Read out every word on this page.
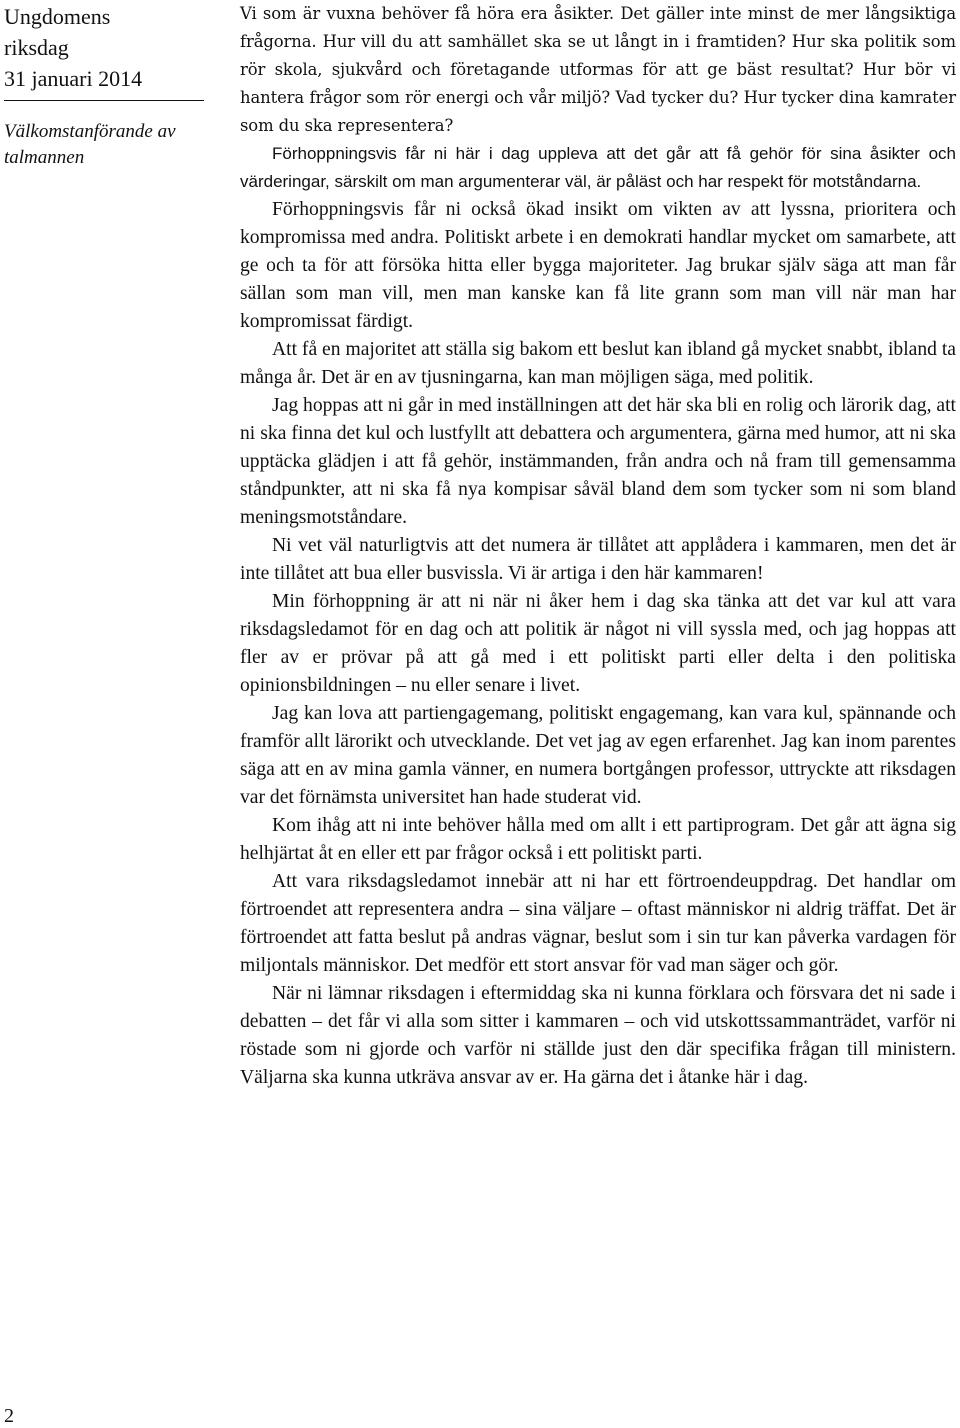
Ungdomens
riksdag
31 januari 2014
Välkomstanförande av talmannen

Vi som är vuxna behöver få höra era åsikter. Det gäller inte minst de mer långsiktiga frågorna. Hur vill du att samhället ska se ut långt in i framtiden? Hur ska politik som rör skola, sjukvård och företagande utformas för att ge bäst resultat? Hur bör vi hantera frågor som rör energi och vår miljö? Vad tycker du? Hur tycker dina kamrater som du ska representera?

Förhoppningsvis får ni här i dag uppleva att det går att få gehör för sina åsikter och värderingar, särskilt om man argumenterar väl, är påläst och har respekt för motståndarna.

Förhoppningsvis får ni också ökad insikt om vikten av att lyssna, prioritera och kompromissa med andra. Politiskt arbete i en demokrati handlar mycket om samarbete, att ge och ta för att försöka hitta eller bygga majoriteter. Jag brukar själv säga att man får sällan som man vill, men man kanske kan få lite grann som man vill när man har kompromissat färdigt.

Att få en majoritet att ställa sig bakom ett beslut kan ibland gå mycket snabbt, ibland ta många år. Det är en av tjusningarna, kan man möjligen säga, med politik.

Jag hoppas att ni går in med inställningen att det här ska bli en rolig och lärorik dag, att ni ska finna det kul och lustfyllt att debattera och argumentera, gärna med humor, att ni ska upptäcka glädjen i att få gehör, instämmanden, från andra och nå fram till gemensamma ståndpunkter, att ni ska få nya kompisar såväl bland dem som tycker som ni som bland meningsmotståndare.

Ni vet väl naturligtvis att det numera är tillåtet att applådera i kammaren, men det är inte tillåtet att bua eller busvissla. Vi är artiga i den här kammaren!

Min förhoppning är att ni när ni åker hem i dag ska tänka att det var kul att vara riksdagsledamot för en dag och att politik är något ni vill syssla med, och jag hoppas att fler av er prövar på att gå med i ett politiskt parti eller delta i den politiska opinionsbildningen – nu eller senare i livet.

Jag kan lova att partiengagemang, politiskt engagemang, kan vara kul, spännande och framför allt lärorikt och utvecklande. Det vet jag av egen erfarenhet. Jag kan inom parentes säga att en av mina gamla vänner, en numera bortgången professor, uttryckte att riksdagen var det förnämsta universitet han hade studerat vid.

Kom ihåg att ni inte behöver hålla med om allt i ett partiprogram. Det går att ägna sig helhjärtat åt en eller ett par frågor också i ett politiskt parti.

Att vara riksdagsledamot innebär att ni har ett förtroendeuppdrag. Det handlar om förtroendet att representera andra – sina väljare – oftast människor ni aldrig träffat. Det är förtroendet att fatta beslut på andras vägnar, beslut som i sin tur kan påverka vardagen för miljontals människor. Det medför ett stort ansvar för vad man säger och gör.

När ni lämnar riksdagen i eftermiddag ska ni kunna förklara och försvara det ni sade i debatten – det får vi alla som sitter i kammaren – och vid utskottssammanträdet, varför ni röstade som ni gjorde och varför ni ställde just den där specifika frågan till ministern. Väljarna ska kunna utkräva ansvar av er. Ha gärna det i åtanke här i dag.

2
